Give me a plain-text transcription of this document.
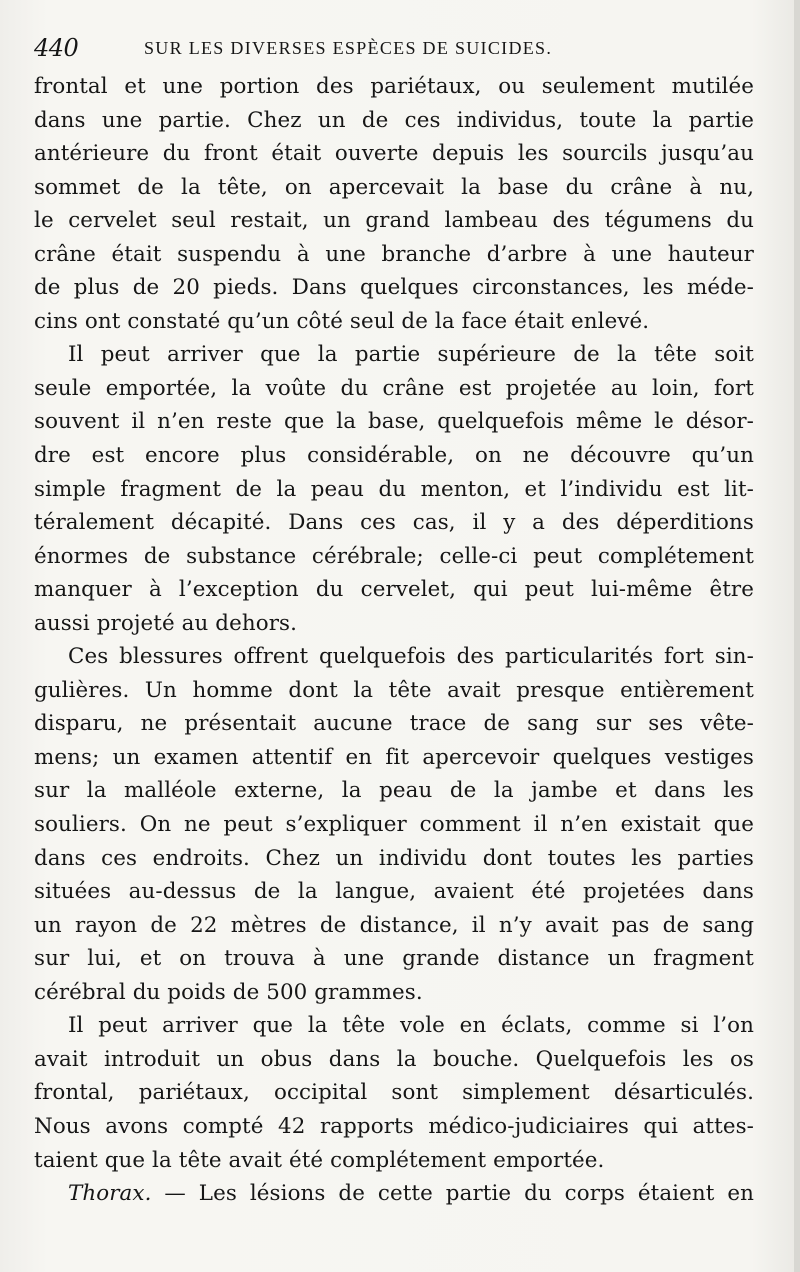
440	SUR LES DIVERSES ESPÈCES DE SUICIDES.
frontal et une portion des pariétaux, ou seulement mutilée
dans une partie. Chez un de ces individus, toute la partie
antérieure du front était ouverte depuis les sourcils jusqu’au
sommet de la tête, on apercevait la base du crâne à nu,
le cervelet seul restait, un grand lambeau des tégumens du
crâne était suspendu à une branche d’arbre à une hauteur
de plus de 20 pieds. Dans quelques circonstances, les méde-
cins ont constaté qu’un côté seul de la face était enlevé.
Il peut arriver que la partie supérieure de la tête soit
seule emportée, la voûte du crâne est projetée au loin, fort
souvent il n’en reste que la base, quelquefois même le désor-
dre est encore plus considérable, on ne découvre qu’un
simple fragment de la peau du menton, et l’individu est lit-
téralement décapité. Dans ces cas, il y a des déperditions
énormes de substance cérébrale; celle-ci peut complétement
manquer à l’exception du cervelet, qui peut lui-même être
aussi projeté au dehors.
Ces blessures offrent quelquefois des particularités fort sin-
gulières. Un homme dont la tête avait presque entièrement
disparu, ne présentait aucune trace de sang sur ses vête-
mens; un examen attentif en fit apercevoir quelques vestiges
sur la malléole externe, la peau de la jambe et dans les
souliers. On ne peut s’expliquer comment il n’en existait que
dans ces endroits. Chez un individu dont toutes les parties
situées au-dessus de la langue, avaient été projetées dans
un rayon de 22 mètres de distance, il n’y avait pas de sang
sur lui, et on trouva à une grande distance un fragment
cérébral du poids de 500 grammes.
Il peut arriver que la tête vole en éclats, comme si l’on
avait introduit un obus dans la bouche. Quelquefois les os
frontal, pariétaux, occipital sont simplement désarticulés.
Nous avons compté 42 rapports médico-judiciaires qui attes-
taient que la tête avait été complétement emportée.
Thorax. — Les lésions de cette partie du corps étaient en
